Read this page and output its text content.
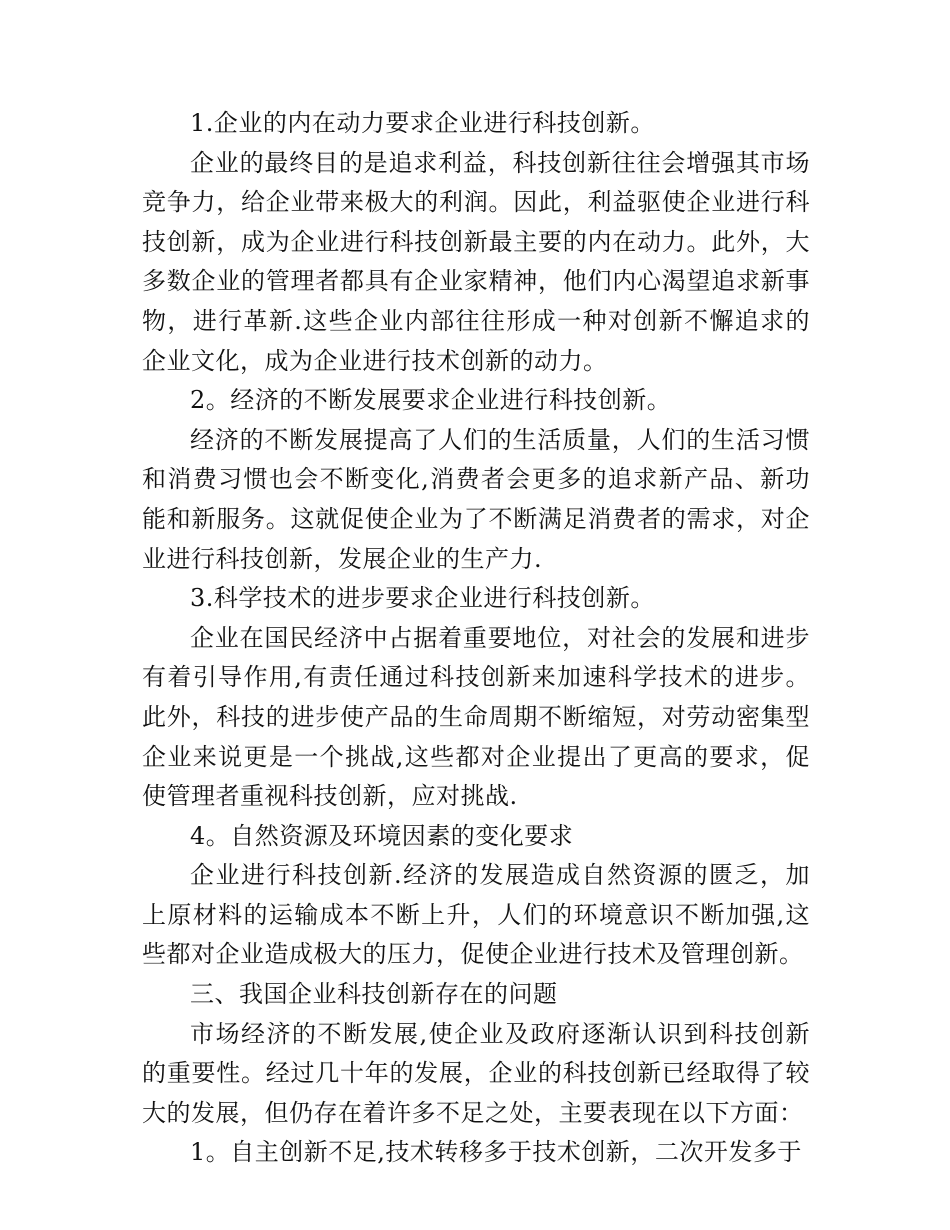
1.企业的内在动力要求企业进行科技创新。

企业的最终目的是追求利益，科技创新往往会增强其市场竞争力，给企业带来极大的利润。因此，利益驱使企业进行科技创新，成为企业进行科技创新最主要的内在动力。此外，大多数企业的管理者都具有企业家精神，他们内心渴望追求新事物，进行革新.这些企业内部往往形成一种对创新不懈追求的企业文化，成为企业进行技术创新的动力。

2。经济的不断发展要求企业进行科技创新。

经济的不断发展提高了人们的生活质量，人们的生活习惯和消费习惯也会不断变化,消费者会更多的追求新产品、新功能和新服务。这就促使企业为了不断满足消费者的需求，对企业进行科技创新，发展企业的生产力.

3.科学技术的进步要求企业进行科技创新。

企业在国民经济中占据着重要地位，对社会的发展和进步有着引导作用,有责任通过科技创新来加速科学技术的进步。此外，科技的进步使产品的生命周期不断缩短，对劳动密集型企业来说更是一个挑战,这些都对企业提出了更高的要求，促使管理者重视科技创新，应对挑战.

4。自然资源及环境因素的变化要求

企业进行科技创新.经济的发展造成自然资源的匮乏，加上原材料的运输成本不断上升，人们的环境意识不断加强,这些都对企业造成极大的压力，促使企业进行技术及管理创新。

三、我国企业科技创新存在的问题

市场经济的不断发展,使企业及政府逐渐认识到科技创新的重要性。经过几十年的发展，企业的科技创新已经取得了较大的发展，但仍存在着许多不足之处，主要表现在以下方面：

1。自主创新不足,技术转移多于技术创新，二次开发多于
